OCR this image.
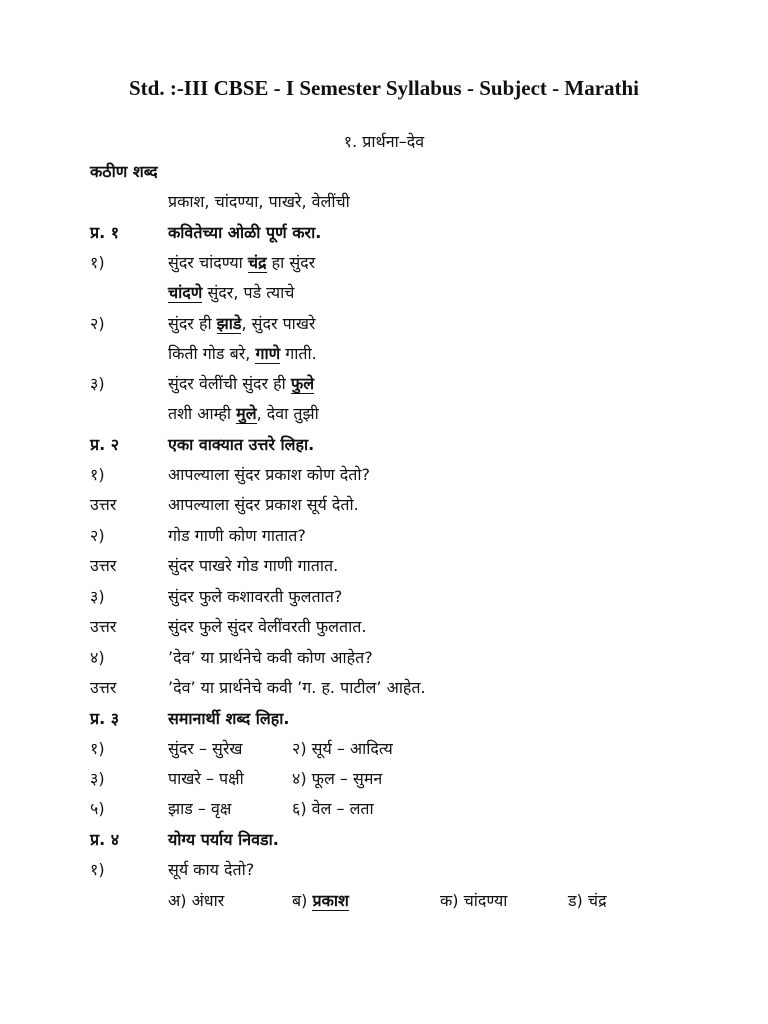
Std. :-III CBSE - I Semester Syllabus - Subject - Marathi
१. प्रार्थना–देव
कठीण शब्द
प्रकाश, चांदण्या, पाखरे, वेलींची
प्र. १	कवितेच्या ओळी पूर्ण करा.
१)	सुंदर चांदण्या चंद्र हा सुंदर
चांदणे सुंदर, पडे त्याचे
२)	सुंदर ही झाडे, सुंदर पाखरे
किती गोड बरे, गाणे गाती.
३)	सुंदर वेलींची सुंदर ही फुले
तशी आम्ही मुले, देवा तुझी
प्र. २	एका वाक्यात उत्तरे लिहा.
१)	आपल्याला सुंदर प्रकाश कोण देतो?
उत्तर	आपल्याला सुंदर प्रकाश सूर्य देतो.
२)	गोड गाणी कोण गातात?
उत्तर	सुंदर पाखरे गोड गाणी गातात.
३)	सुंदर फुले कशावरती फुलतात?
उत्तर	सुंदर फुले सुंदर वेलींवरती फुलतात.
४)	’देव’ या प्रार्थनेचे कवी कोण आहेत?
उत्तर	’देव’ या प्रार्थनेचे कवी ’ग. ह. पाटील’ आहेत.
प्र. ३	समानार्थी शब्द लिहा.
१)	सुंदर – सुरेख	२) सूर्य – आदित्य
३)	पाखरे – पक्षी	४) फूल – सुमन
५)	झाड – वृक्ष	६) वेल – लता
प्र. ४	योग्य पर्याय निवडा.
१)	सूर्य काय देतो?
अ) अंधार	ब) प्रकाश	क) चांदण्या	ड) चंद्र
